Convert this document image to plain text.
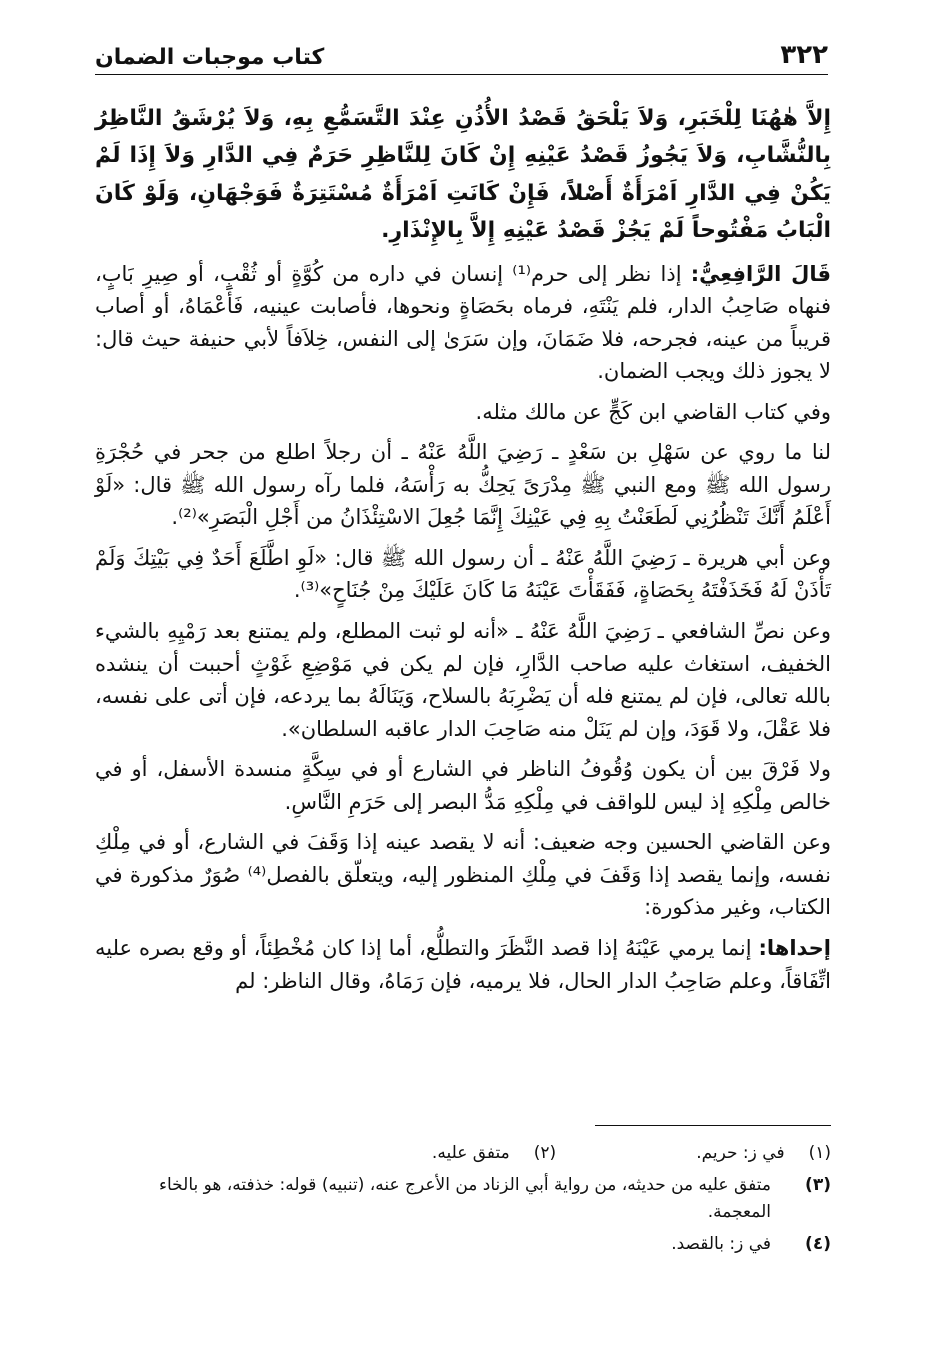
٣٢٢
كتاب موجبات الضمان

إِلاَّ هٰهُنَا لِلْخَبَرِ، وَلاَ يَلْحَقُ قَصْدُ الأُذُنِ عِنْدَ التَّسَمُّعِ بِهِ، وَلاَ يُرْشَقُ النَّاظِرُ بِالنُّشَّابِ، وَلاَ يَجُوزُ قَصْدُ عَيْنِهِ إِنْ كَانَ لِلنَّاظِرِ حَرَمٌ فِي الدَّارِ وَلاَ إِذَا لَمْ يَكُنْ فِي الدَّارِ اَمْرَأَةٌ أَصْلاً، فَإِنْ كَانَتِ اَمْرَأَةٌ مُسْتَتِرَةٌ فَوَجْهَانِ، وَلَوْ كَانَ الْبَابُ مَفْتُوحاً لَمْ يَجُزْ قَصْدُ عَيْنِهِ إِلاَّ بِالإِنْذَارِ.

قَالَ الرَّافِعِيُّ: إذا نظر إلى حرم⁽¹⁾ إنسان في داره من كُوَّةٍ أو ثُقْبٍ، أو صِيرِ بَابٍ، فنهاه صَاحِبُ الدار، فلم يَنْتَهِ، فرماه بحَصَاةٍ ونحوها، فأصابت عينيه، فَأَعْمَاهُ، أو أصاب قريباً من عينه، فجرحه، فلا ضَمَانَ، وإن سَرَىٰ إلى النفس، خِلاَفاً لأبي حنيفة حيث قال: لا يجوز ذلك ويجب الضمان.

وفي كتاب القاضي ابن كَجٍّ عن مالك مثله.

لنا ما روي عن سَهْلِ بن سَعْدٍ ـ رَضِيَ اللَّهُ عَنْهُ ـ أن رجلاً اطلع من جحر في حُجْرَةِ رسول الله ﷺ ومع النبي ﷺ مِدْرَىً يَحِكُّ به رَأْسَهُ، فلما رآه رسول الله ﷺ قال: «لَوْ أَعْلَمُ أَنَّكَ تَنْظُرُنِي لَطَعَنْتُ بِهِ فِي عَيْنِكَ إِنَّمَا جُعِلَ الاسْتِئْذَانُ من أَجْلِ الْبَصَرِ»⁽²⁾.

وعن أبي هريرة ـ رَضِيَ اللَّهُ عَنْهُ ـ أن رسول الله ﷺ قال: «لَوِ اطَّلَعَ أَحَدٌ فِي بَيْتِكَ وَلَمْ تَأْذَنْ لَهُ فَخَذَفْتَهُ بِحَصَاةٍ، فَفَقَأْتَ عَيْنَهُ مَا كَانَ عَلَيْكَ مِنْ جُنَاحٍ»⁽³⁾.

وعن نصِّ الشافعي ـ رَضِيَ اللَّهُ عَنْهُ ـ «أنه لو ثبت المطلع، ولم يمتنع بعد رَمْيِهِ بالشيء الخفيف، استغاث عليه صاحب الدَّارِ، فإن لم يكن في مَوْضِعِ غَوْثٍ أحببت أن ينشده بالله تعالى، فإن لم يمتنع فله أن يَضْرِبَهُ بالسلاح، وَيَنَالَهُ بما يردعه، فإن أتى على نفسه، فلا عَقْلَ، ولا قَوَدَ، وإن لم يَنَلْ منه صَاحِبَ الدار عاقبه السلطان».

ولا فَرْقَ بين أن يكون وُقُوفُ الناظر في الشارع أو في سِكَّةٍ منسدة الأسفل، أو في خالص مِلْكِهِ إذ ليس للواقف في مِلْكِهِ مَدُّ البصر إلى حَرَمِ النَّاسِ.

وعن القاضي الحسين وجه ضعيف: أنه لا يقصد عينه إذا وَقَفَ في الشارع، أو في مِلْكِ نفسه، وإنما يقصد إذا وَقَفَ في مِلْكِ المنظور إليه، ويتعلّق بالفصل⁽⁴⁾ صُوَرٌ مذكورة في الكتاب، وغير مذكورة:

إحداها: إنما يرمي عَيْنَهُ إذا قصد النَّظَرَ والتطلُّع، أما إذا كان مُخْطِئاً، أو وقع بصره عليه اتِّفَاقاً، وعلم صَاحِبُ الدار الحال، فلا يرميه، فإن رَمَاهُ، وقال الناظر: لم

(١)
في ز: حريم.
(٢)
متفق عليه.
(٣)
متفق عليه من حديثه، من رواية أبي الزناد من الأعرج عنه، (تنبيه) قوله: خذفته، هو بالخاء المعجمة.
(٤)
في ز: بالقصد.
